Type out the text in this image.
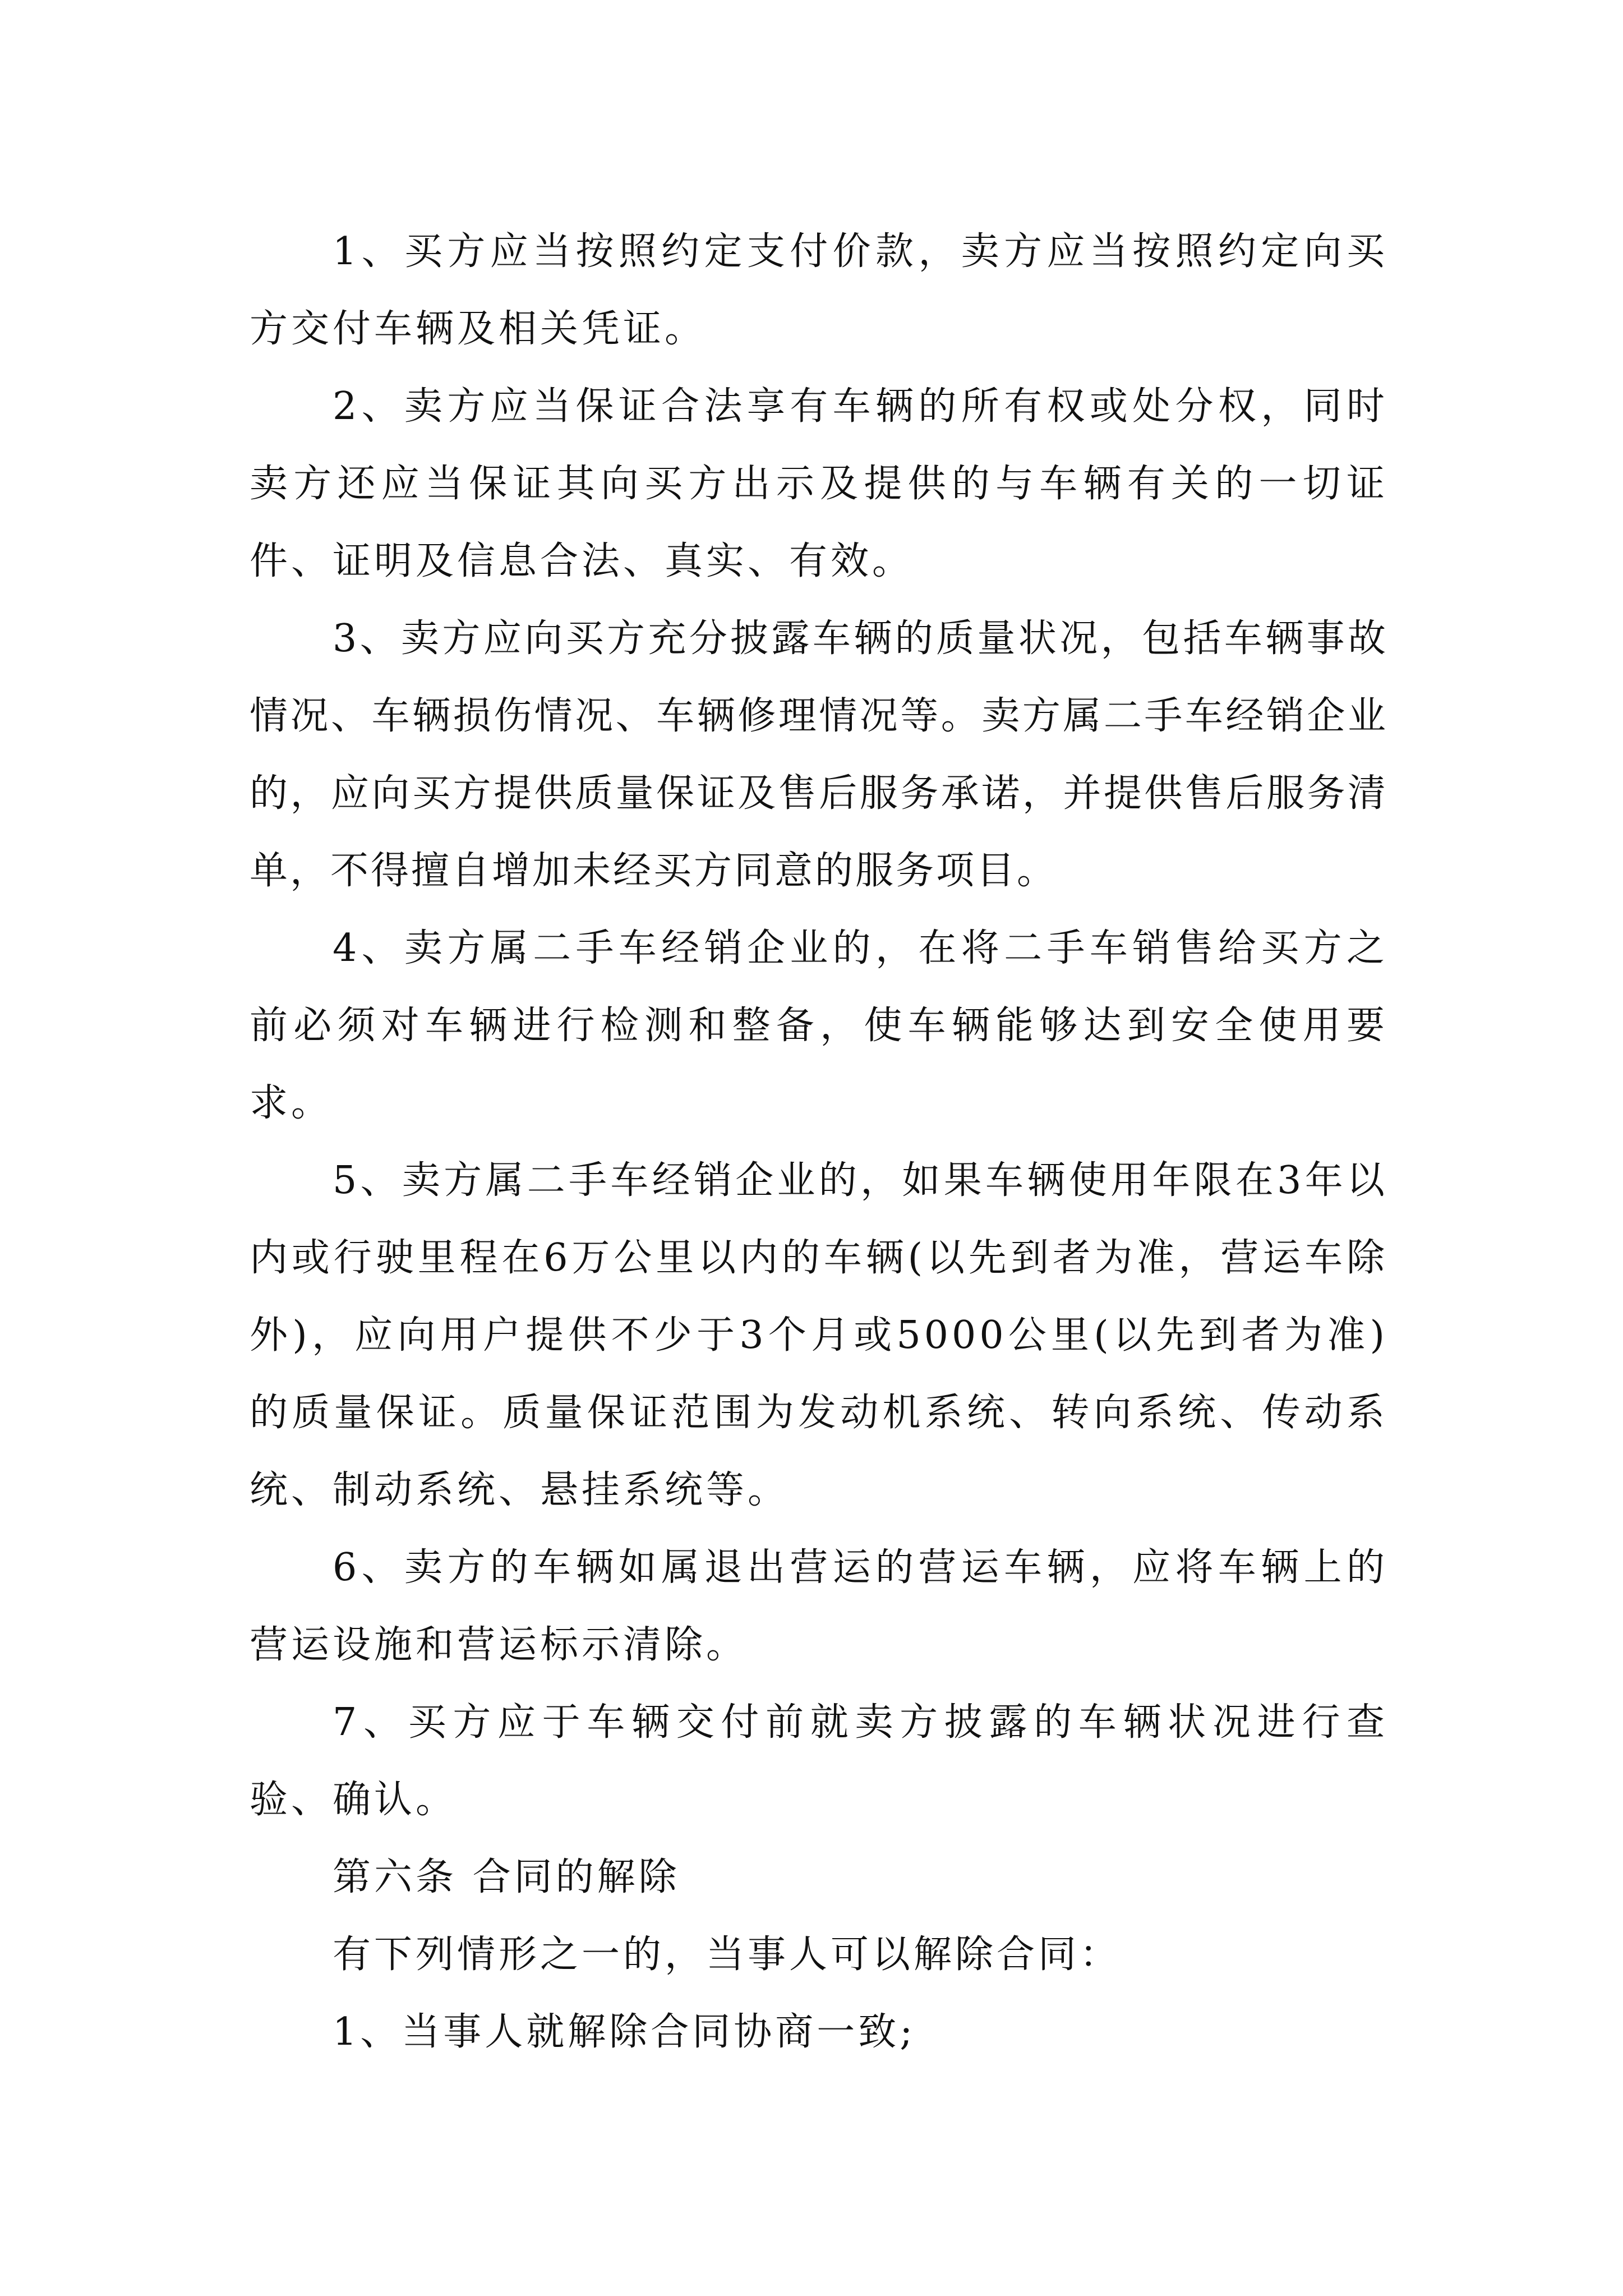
1、买方应当按照约定支付价款，卖方应当按照约定向买方交付车辆及相关凭证。

2、卖方应当保证合法享有车辆的所有权或处分权，同时卖方还应当保证其向买方出示及提供的与车辆有关的一切证件、证明及信息合法、真实、有效。

3、卖方应向买方充分披露车辆的质量状况，包括车辆事故情况、车辆损伤情况、车辆修理情况等。卖方属二手车经销企业的，应向买方提供质量保证及售后服务承诺，并提供售后服务清单，不得擅自增加未经买方同意的服务项目。

4、卖方属二手车经销企业的，在将二手车销售给买方之前必须对车辆进行检测和整备，使车辆能够达到安全使用要求。

5、卖方属二手车经销企业的，如果车辆使用年限在3年以内或行驶里程在6万公里以内的车辆(以先到者为准，营运车除外)，应向用户提供不少于3个月或5000公里(以先到者为准)的质量保证。质量保证范围为发动机系统、转向系统、传动系统、制动系统、悬挂系统等。

6、卖方的车辆如属退出营运的营运车辆，应将车辆上的营运设施和营运标示清除。

7、买方应于车辆交付前就卖方披露的车辆状况进行查验、确认。

第六条 合同的解除

有下列情形之一的，当事人可以解除合同：

1、当事人就解除合同协商一致;
